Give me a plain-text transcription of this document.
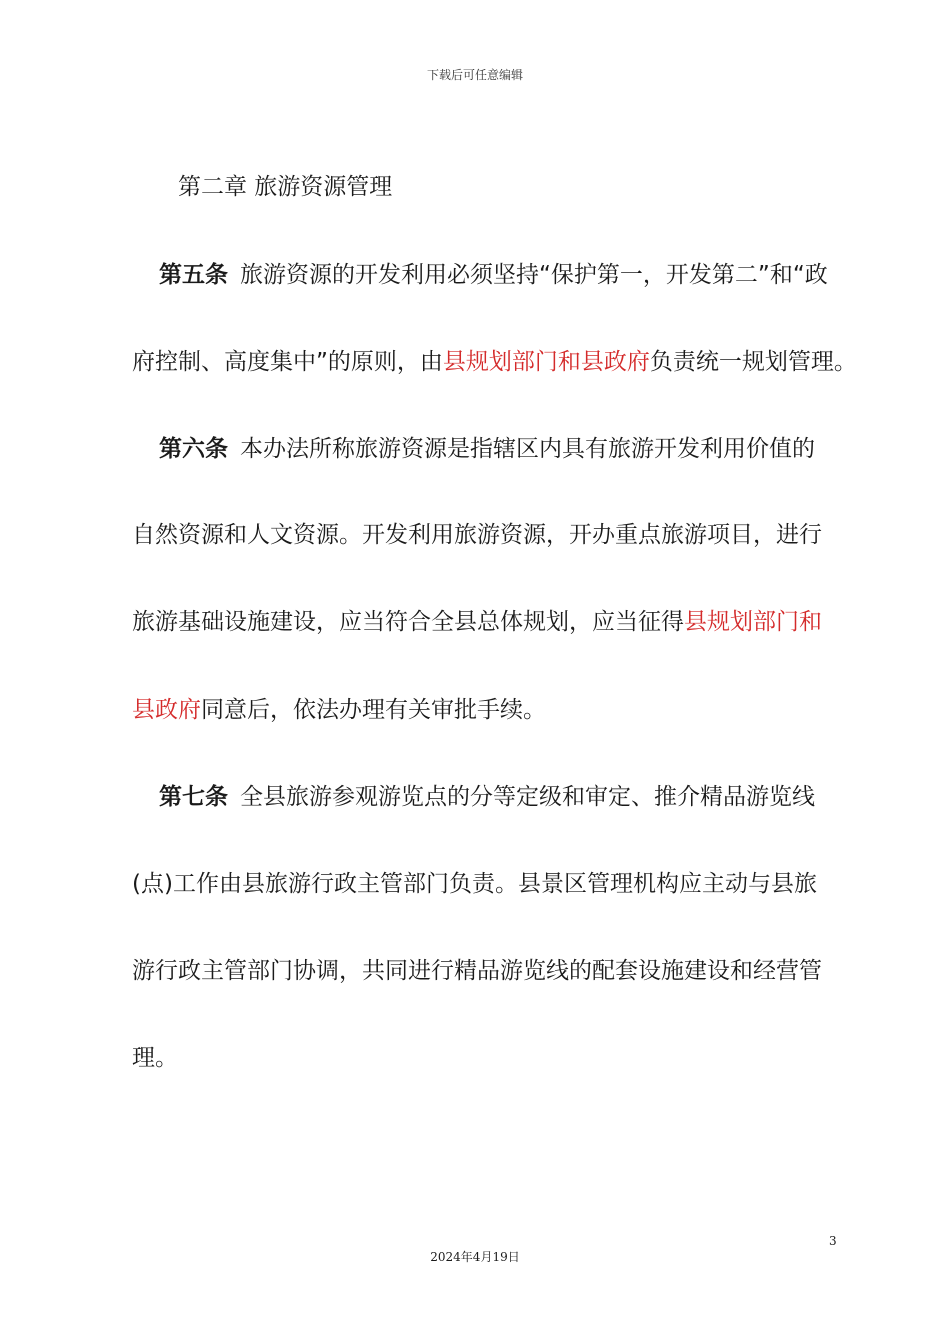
下载后可任意编辑
第二章 旅游资源管理
第五条 旅游资源的开发利用必须坚持“保护第一，开发第二”和“政
府控制、高度集中”的原则，由县规划部门和县政府负责统一规划管理。
第六条 本办法所称旅游资源是指辖区内具有旅游开发利用价值的
自然资源和人文资源。开发利用旅游资源，开办重点旅游项目，进行
旅游基础设施建设，应当符合全县总体规划，应当征得县规划部门和
县政府同意后，依法办理有关审批手续。
第七条 全县旅游参观游览点的分等定级和审定、推介精品游览线
(点)工作由县旅游行政主管部门负责。县景区管理机构应主动与县旅
游行政主管部门协调，共同进行精品游览线的配套设施建设和经营管
理。
3
2024年4月19日
